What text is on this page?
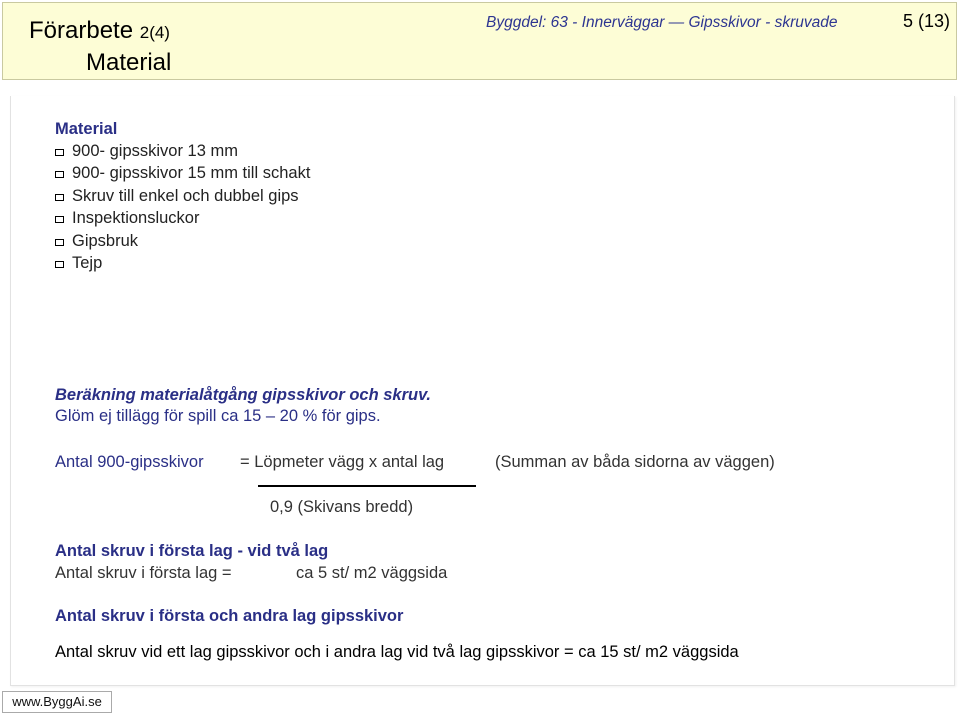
Förarbete 2(4)
Material
Byggdel: 63 - Innerväggar — Gipsskivor - skruvade	5 (13)
Material
900- gipsskivor 13 mm
900- gipsskivor 15 mm till schakt
Skruv till enkel och dubbel gips
Inspektionsluckor
Gipsbruk
Tejp
Beräkning materialåtgång gipsskivor och skruv.
Glöm ej tillägg för spill ca 15 – 20 % för gips.
Antal 900-gipsskivor = Löpmeter vägg x antal lag	(Summan av båda sidorna av väggen)
0,9 (Skivans bredd)
Antal skruv i första lag - vid två lag
Antal skruv i första lag =	ca 5 st/ m2 väggsida
Antal skruv i första och andra lag gipsskivor
Antal skruv vid ett lag gipsskivor och i andra lag vid två lag gipsskivor = ca 15 st/ m2 väggsida
www.ByggAi.se
